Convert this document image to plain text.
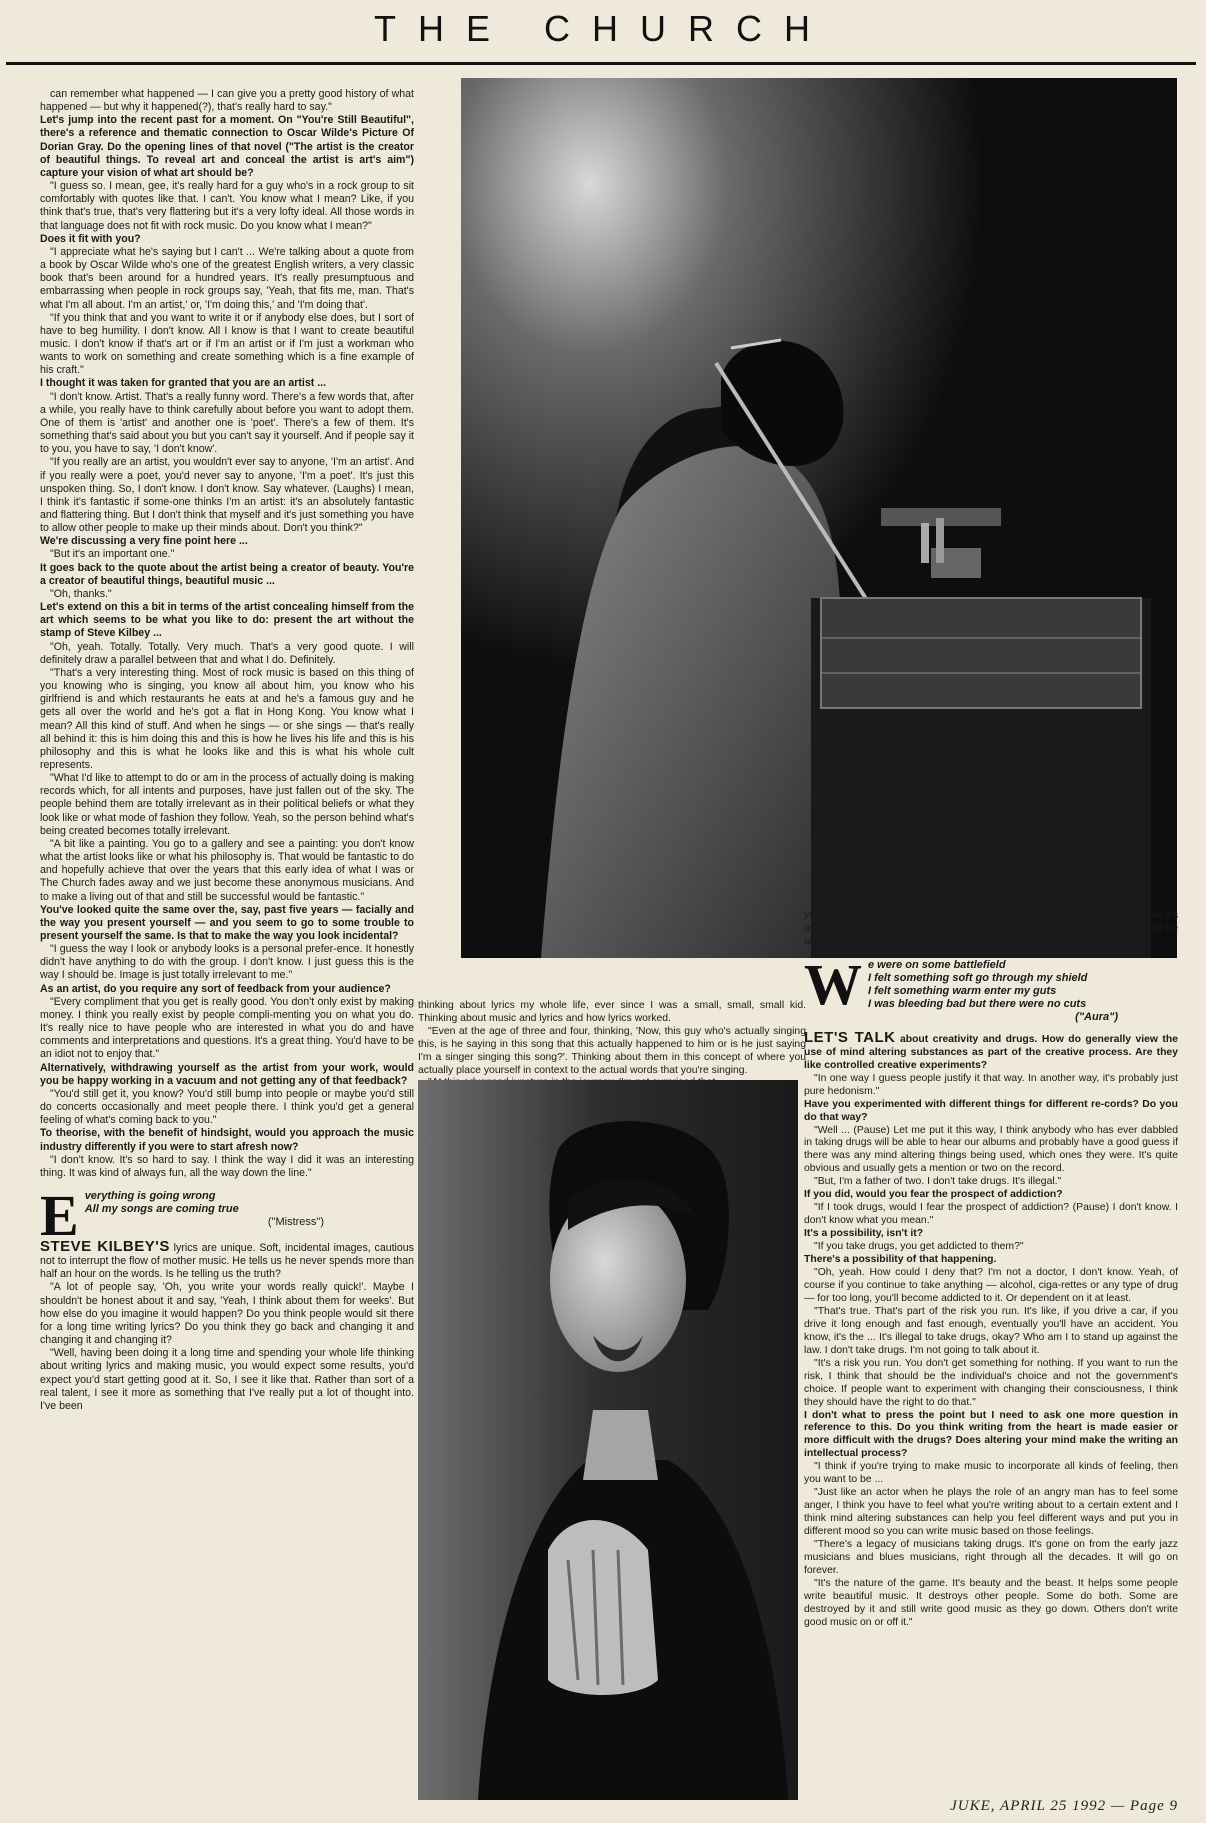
THE CHURCH

can remember what happened — I can give you a pretty good history of what happened — but why it happened(?), that's really hard to say."

Let's jump into the recent past for a moment. On "You're Still Beautiful", there's a reference and thematic connection to Oscar Wilde's Picture Of Dorian Gray. Do the opening lines of that novel ("The artist is the creator of beautiful things. To reveal art and conceal the artist is art's aim") capture your vision of what art should be?

"I guess so. I mean, gee, it's really hard for a guy who's in a rock group to sit comfortably with quotes like that. I can't. You know what I mean? Like, if you think that's true, that's very flattering but it's a very lofty ideal. All those words in that language does not fit with rock music. Do you know what I mean?"

Does it fit with you?

"I appreciate what he's saying but I can't ... We're talking about a quote from a book by Oscar Wilde who's one of the greatest English writers, a very classic book that's been around for a hundred years. It's really presumptuous and embarrassing when people in rock groups say, 'Yeah, that fits me, man. That's what I'm all about. I'm an artist,' or, 'I'm doing this,' and 'I'm doing that'.

"If you think that and you want to write it or if anybody else does, but I sort of have to beg humility. I don't know. All I know is that I want to create beautiful music. I don't know if that's art or if I'm an artist or if I'm just a workman who wants to work on something and create something which is a fine example of his craft."

I thought it was taken for granted that you are an artist ...

"I don't know. Artist. That's a really funny word. There's a few words that, after a while, you really have to think carefully about before you want to adopt them. One of them is 'artist' and another one is 'poet'. There's a few of them. It's something that's said about you but you can't say it yourself. And if people say it to you, you have to say, 'I don't know'.

"If you really are an artist, you wouldn't ever say to anyone, 'I'm an artist'. And if you really were a poet, you'd never say to anyone, 'I'm a poet'. It's just this unspoken thing. So, I don't know. I don't know. Say whatever. (Laughs) I mean, I think it's fantastic if some-one thinks I'm an artist: it's an absolutely fantastic and flattering thing. But I don't think that myself and it's just something you have to allow other people to make up their minds about. Don't you think?"

We're discussing a very fine point here ...

"But it's an important one."

It goes back to the quote about the artist being a creator of beauty. You're a creator of beautiful things, beautiful music ...

"Oh, thanks."

Let's extend on this a bit in terms of the artist concealing himself from the art which seems to be what you like to do: present the art without the stamp of Steve Kilbey ...

"Oh, yeah. Totally. Totally. Very much. That's a very good quote. I will definitely draw a parallel between that and what I do. Definitely.

"That's a very interesting thing. Most of rock music is based on this thing of you knowing who is singing, you know all about him, you know who his girlfriend is and which restaurants he eats at and he's a famous guy and he gets all over the world and he's got a flat in Hong Kong. You know what I mean? All this kind of stuff. And when he sings — or she sings — that's really all behind it: this is him doing this and this is how he lives his life and this is his philosophy and this is what he looks like and this is what his whole cult represents.

"What I'd like to attempt to do or am in the process of actually doing is making records which, for all intents and purposes, have just fallen out of the sky. The people behind them are totally irrelevant as in their political beliefs or what they look like or what mode of fashion they follow. Yeah, so the person behind what's being created becomes totally irrelevant.

"A bit like a painting. You go to a gallery and see a painting: you don't know what the artist looks like or what his philosophy is. That would be fantastic to do and hopefully achieve that over the years that this early idea of what I was or The Church fades away and we just become these anonymous musicians. And to make a living out of that and still be successful would be fantastic."

You've looked quite the same over the, say, past five years — facially and the way you present yourself — and you seem to go to some trouble to present yourself the same. Is that to make the way you look incidental?

"I guess the way I look or anybody looks is a personal prefer-ence. It honestly didn't have anything to do with the group. I don't know. I just guess this is the way I should be. Image is just totally irrelevant to me."

As an artist, do you require any sort of feedback from your audience?

"Every compliment that you get is really good. You don't only exist by making money. I think you really exist by people compli-menting you on what you do. It's really nice to have people who are interested in what you do and have comments and interpretations and questions. It's a great thing. You'd have to be an idiot not to enjoy that."

Alternatively, withdrawing yourself as the artist from your work, would you be happy working in a vacuum and not getting any of that feedback?

"You'd still get it, you know? You'd still bump into people or maybe you'd still do concerts occasionally and meet people there. I think you'd get a general feeling of what's coming back to you."

To theorise, with the benefit of hindsight, would you approach the music industry differently if you were to start afresh now?

"I don't know. It's so hard to say. I think the way I did it was an interesting thing. It was kind of always fun, all the way down the line."

E verything is going wrong
All my songs are coming true

("Mistress")

STEVE KILBEY'S lyrics are unique. Soft, incidental images, cautious not to interrupt the flow of mother music. He tells us he never spends more than half an hour on the words. Is he telling us the truth?

"A lot of people say, 'Oh, you write your words really quick!'. Maybe I shouldn't be honest about it and say, 'Yeah, I think about them for weeks'. But how else do you imagine it would happen? Do you think people would sit there for a long time writing lyrics? Do you think they go back and changing it and changing it and changing it?

"Well, having been doing it a long time and spending your whole life thinking about writing lyrics and making music, you would expect some results, you'd expect you'd start getting good at it. So, I see it like that. Rather than sort of a real talent, I see it more as something that I've really put a lot of thought into. I've been

thinking about lyrics my whole life, ever since I was a small, small, small kid. Thinking about music and lyrics and how lyrics worked.

"Even at the age of three and four, thinking, 'Now, this guy who's actually singing this, is he saying in this song that this actually happened to him or is he just saying I'm a singer singing this song?'. Thinking about them in this concept of where you actually place yourself in context to the actual words that you're singing.

yeah, I can write good lyrics, but I don't think that's a wonderful gift. I just think it's as you would expect someone who's worked a long time at something would be able to do. That's how I feel about it."

W e were on some battlefield
I felt something soft go through my shield
I felt something warm enter my guts
I was bleeding bad but there were no cuts

("Aura")

LET'S TALK about creativity and drugs. How do generally view the use of mind altering substances as part of the creative process. Are they like controlled creative experiments?

"In one way I guess people justify it that way. In another way, it's probably just pure hedonism."

Have you experimented with different things for different re-cords? Do you do that way?

"Well ... (Pause) Let me put it this way, I think anybody who has ever dabbled in taking drugs will be able to hear our albums and probably have a good guess if there was any mind altering things being used, which ones they were. It's quite obvious and usually gets a mention or two on the record.

"But, I'm a father of two. I don't take drugs. It's illegal."

If you did, would you fear the prospect of addiction?

"If I took drugs, would I fear the prospect of addiction? (Pause) I don't know. I don't know what you mean."

It's a possibility, isn't it?

"If you take drugs, you get addicted to them?"

There's a possibility of that happening.

"Oh, yeah. How could I deny that? I'm not a doctor, I don't know. Yeah, of course if you continue to take anything — alcohol, ciga-rettes or any type of drug — for too long, you'll become addicted to it. Or dependent on it at least.

"That's true. That's part of the risk you run. It's like, if you drive a car, if you drive it long enough and fast enough, eventually you'll have an accident. You know, it's the ... It's illegal to take drugs, okay? Who am I to stand up against the law. I don't take drugs. I'm not going to talk about it.

"It's a risk you run. You don't get something for nothing. If you want to run the risk, I think that should be the individual's choice and not the government's choice. If people want to experiment with changing their consciousness, I think they should have the right to do that."

I don't what to press the point but I need to ask one more question in reference to this. Do you think writing from the heart is made easier or more difficult with the drugs? Does altering your mind make the writing an intellectual process?

"I think if you're trying to make music to incorporate all kinds of feeling, then you want to be ...

"Just like an actor when he plays the role of an angry man has to feel some anger, I think you have to feel what you're writing about to a certain extent and I think mind altering substances can help you feel different ways and put you in different mood so you can write music based on those feelings.

"There's a legacy of musicians taking drugs. It's gone on from the early jazz musicians and blues musicians, right through all the decades. It will go on forever.

"It's the nature of the game. It's beauty and the beast. It helps some people write beautiful music. It destroys other people. Some do both. Some are destroyed by it and still write good music as they go down. Others don't write good music on or off it."

JUKE, APRIL 25 1992 — Page 9
